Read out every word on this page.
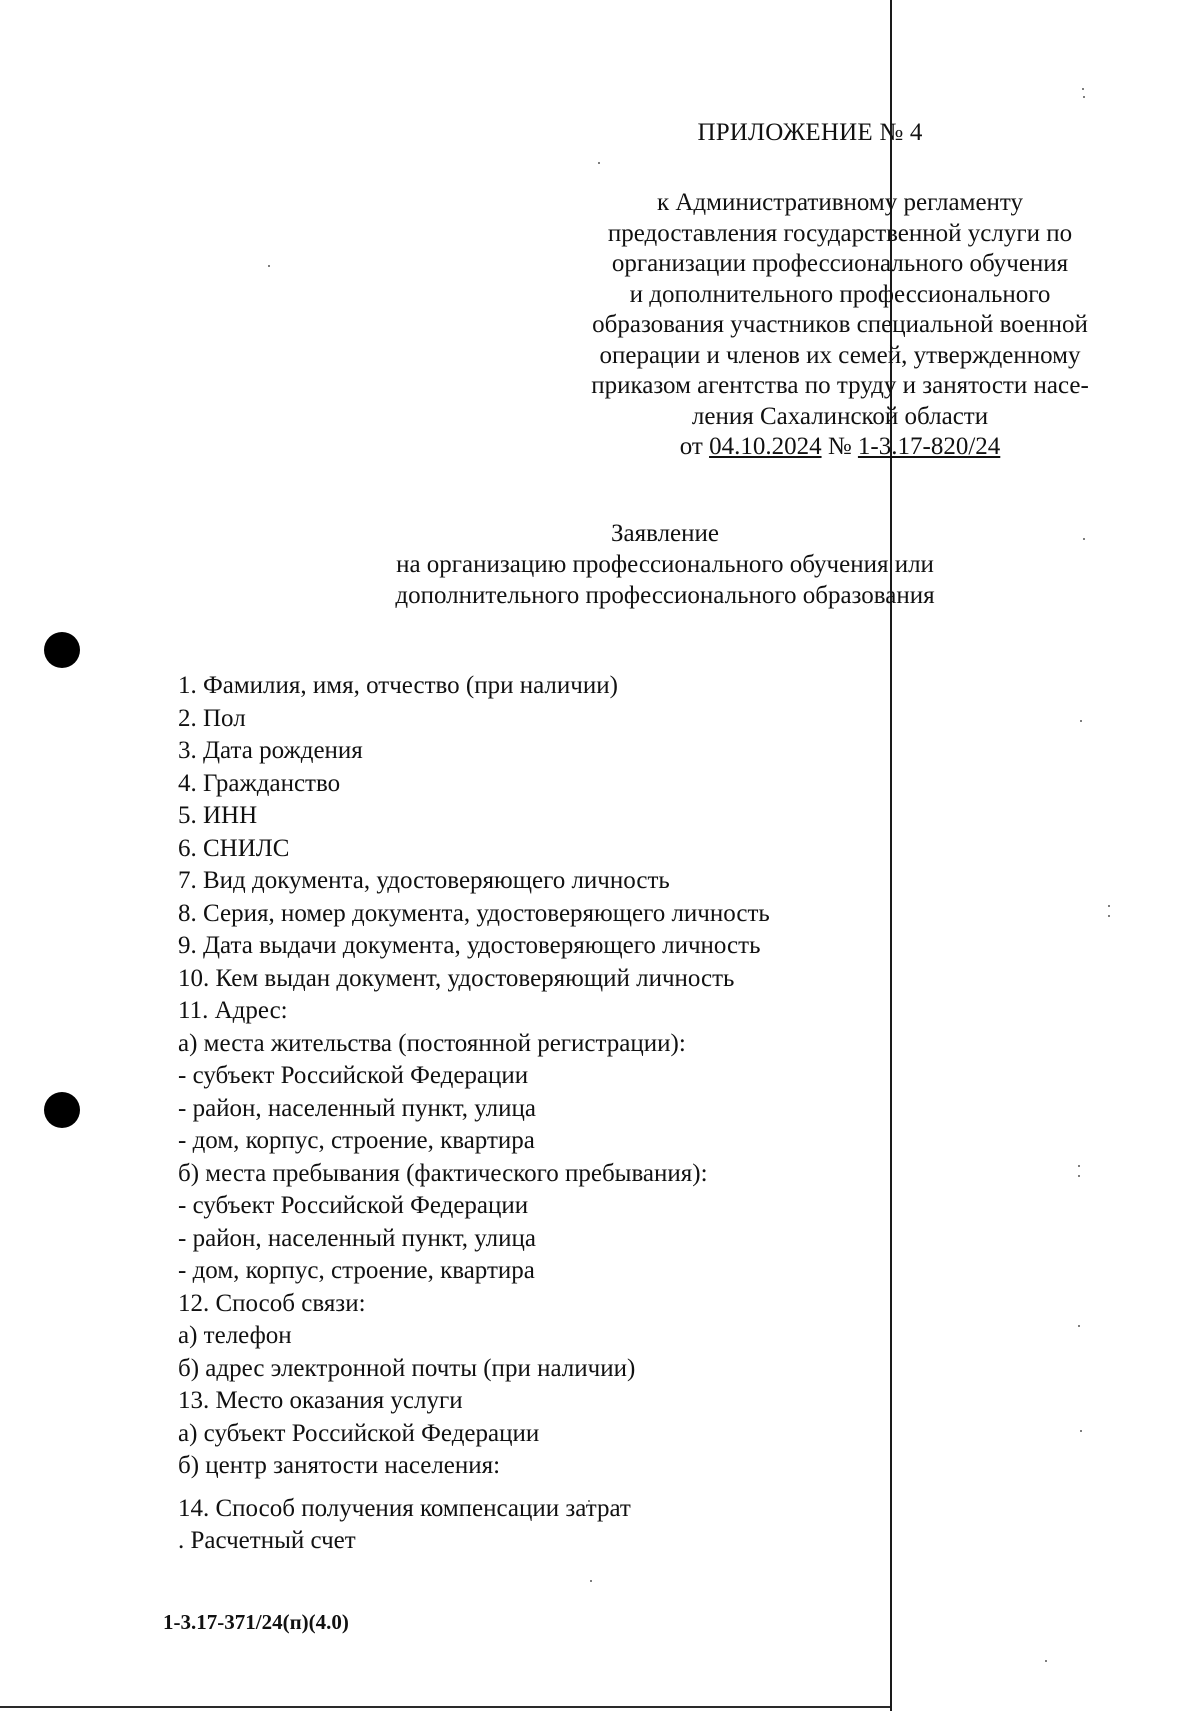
ПРИЛОЖЕНИЕ № 4
к Административному регламенту
предоставления государственной услуги по
организации профессионального обучения
и дополнительного профессионального
образования участников специальной военной
операции и членов их семей, утвержденному
приказом агентства по труду и занятости насе-
ления Сахалинской области
от 04.10.2024 № 1-3.17-820/24
Заявление
на организацию профессионального обучения или
дополнительного профессионального образования
1. Фамилия, имя, отчество (при наличии)
2. Пол
3. Дата рождения
4. Гражданство
5. ИНН
6. СНИЛС
7. Вид документа, удостоверяющего личность
8. Серия, номер документа, удостоверяющего личность
9. Дата выдачи документа, удостоверяющего личность
10. Кем выдан документ, удостоверяющий личность
11. Адрес:
а) места жительства (постоянной регистрации):
- субъект Российской Федерации
- район, населенный пункт, улица
- дом, корпус, строение, квартира
б) места пребывания (фактического пребывания):
- субъект Российской Федерации
- район, населенный пункт, улица
- дом, корпус, строение, квартира
12. Способ связи:
а) телефон
б) адрес электронной почты (при наличии)
13. Место оказания услуги
а) субъект Российской Федерации
б) центр занятости населения:
14. Способ получения компенсации затрат
. Расчетный счет
1-3.17-371/24(п)(4.0)
